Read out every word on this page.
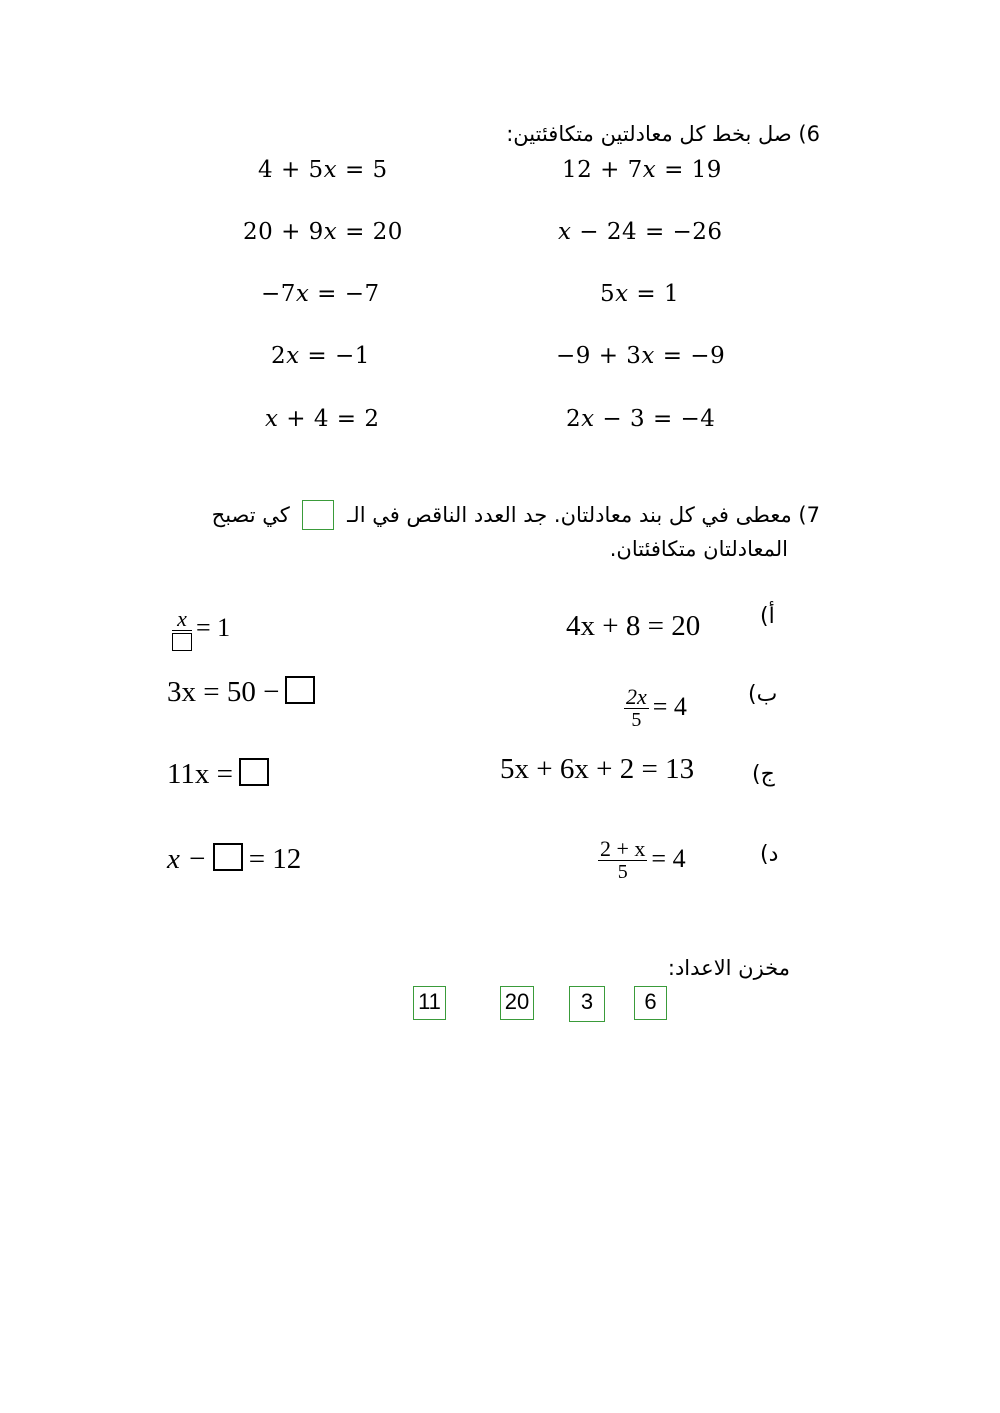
6) صل بخط كل معادلتين متكافئتين:
4 + 5𝑥 = 5
20 + 9𝑥 = 20
−7𝑥 = −7
2𝑥 = −1
𝑥 + 4 = 2
12 + 7𝑥 = 19
𝑥 − 24 = −26
5𝑥 = 1
−9 + 3𝑥 = −9
2𝑥 − 3 = −4
7) معطى في كل بند معادلتان. جد العدد الناقص في الـ  كي تصبح
المعادلتان متكافئتان.
أ)
4x + 8 = 20
x = 1
ب)
$\frac{2x}{5} = 4$
3x = 50 −
ج)
5x + 6x + 2 = 13
11x =
د)
$\frac{2 + x}{5} = 4$
x − = 12
مخزن الاعداد:
11	20	3	6
